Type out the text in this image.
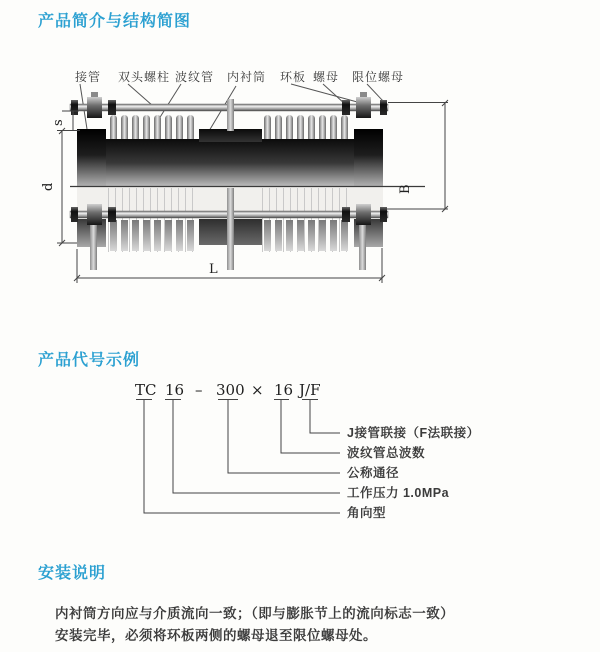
产品简介与结构简图
接管 双头螺柱 波纹管 内衬筒 环板 螺母 限位螺母
s
d	B
L
产品代号示例
TC 16 – 300 × 16 J/F
J接管联接（F法联接）
波纹管总波数
公称通径
工作压力 1.0MPa
角向型
安装说明

内衬筒方向应与介质流向一致；（即与膨胀节上的流向标志一致）

安装完毕，必须将环板两侧的螺母退至限位螺母处。
